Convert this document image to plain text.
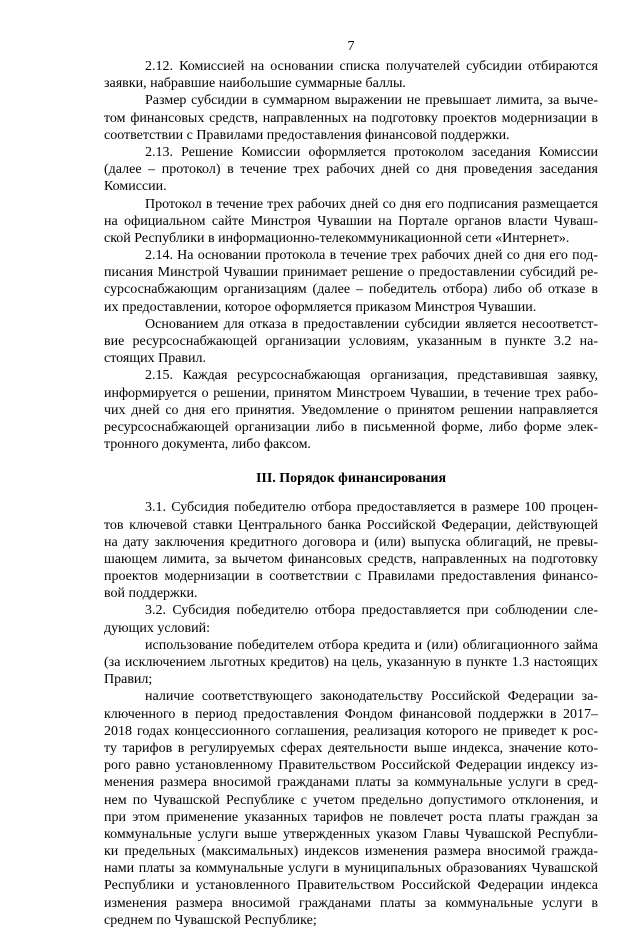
7
2.12. Комиссией на основании списка получателей субсидии отбираются
заявки, набравшие наибольшие суммарные баллы.
Размер субсидии в суммарном выражении не превышает лимита, за выче-
том финансовых средств, направленных на подготовку проектов модернизации в
соответствии с Правилами предоставления финансовой поддержки.
2.13. Решение Комиссии оформляется протоколом заседания Комиссии
(далее – протокол) в течение трех рабочих дней со дня проведения заседания
Комиссии.
Протокол в течение трех рабочих дней со дня его подписания размещается
на официальном сайте Минстроя Чувашии на Портале органов власти Чуваш-
ской Республики в информационно-телекоммуникационной сети «Интернет».
2.14. На основании протокола в течение трех рабочих дней со дня его под-
писания Минстрой Чувашии принимает решение о предоставлении субсидий ре-
сурсоснабжающим организациям (далее – победитель отбора) либо об отказе в
их предоставлении, которое оформляется приказом Минстроя Чувашии.
Основанием для отказа в предоставлении субсидии является несоответст-
вие ресурсоснабжающей организации условиям, указанным в пункте 3.2 на-
стоящих Правил.
2.15. Каждая ресурсоснабжающая организация, представившая заявку,
информируется о решении, принятом Минстроем Чувашии, в течение трех рабо-
чих дней со дня его принятия. Уведомление о принятом решении направляется
ресурсоснабжающей организации либо в письменной форме, либо форме элек-
тронного документа, либо факсом.
III. Порядок финансирования
3.1. Субсидия победителю отбора предоставляется в размере 100 процен-
тов ключевой ставки Центрального банка Российской Федерации, действующей
на дату заключения кредитного договора и (или) выпуска облигаций, не превы-
шающем лимита, за вычетом финансовых средств, направленных на подготовку
проектов модернизации в соответствии с Правилами предоставления финансо-
вой поддержки.
3.2. Субсидия победителю отбора предоставляется при соблюдении сле-
дующих условий:
использование победителем отбора кредита и (или) облигационного займа
(за исключением льготных кредитов) на цель, указанную в пункте 1.3 настоящих
Правил;
наличие соответствующего законодательству Российской Федерации за-
ключенного в период предоставления Фондом финансовой поддержки в 2017–
2018 годах концессионного соглашения, реализация которого не приведет к рос-
ту тарифов в регулируемых сферах деятельности выше индекса, значение кото-
рого равно установленному Правительством Российской Федерации индексу из-
менения размера вносимой гражданами платы за коммунальные услуги в сред-
нем по Чувашской Республике с учетом предельно допустимого отклонения, и
при этом применение указанных тарифов не повлечет роста платы граждан за
коммунальные услуги выше утвержденных указом Главы Чувашской Республи-
ки предельных (максимальных) индексов изменения размера вносимой гражда-
нами платы за коммунальные услуги в муниципальных образованиях Чувашской
Республики и установленного Правительством Российской Федерации индекса
изменения размера вносимой гражданами платы за коммунальные услуги в
среднем по Чувашской Республике;
